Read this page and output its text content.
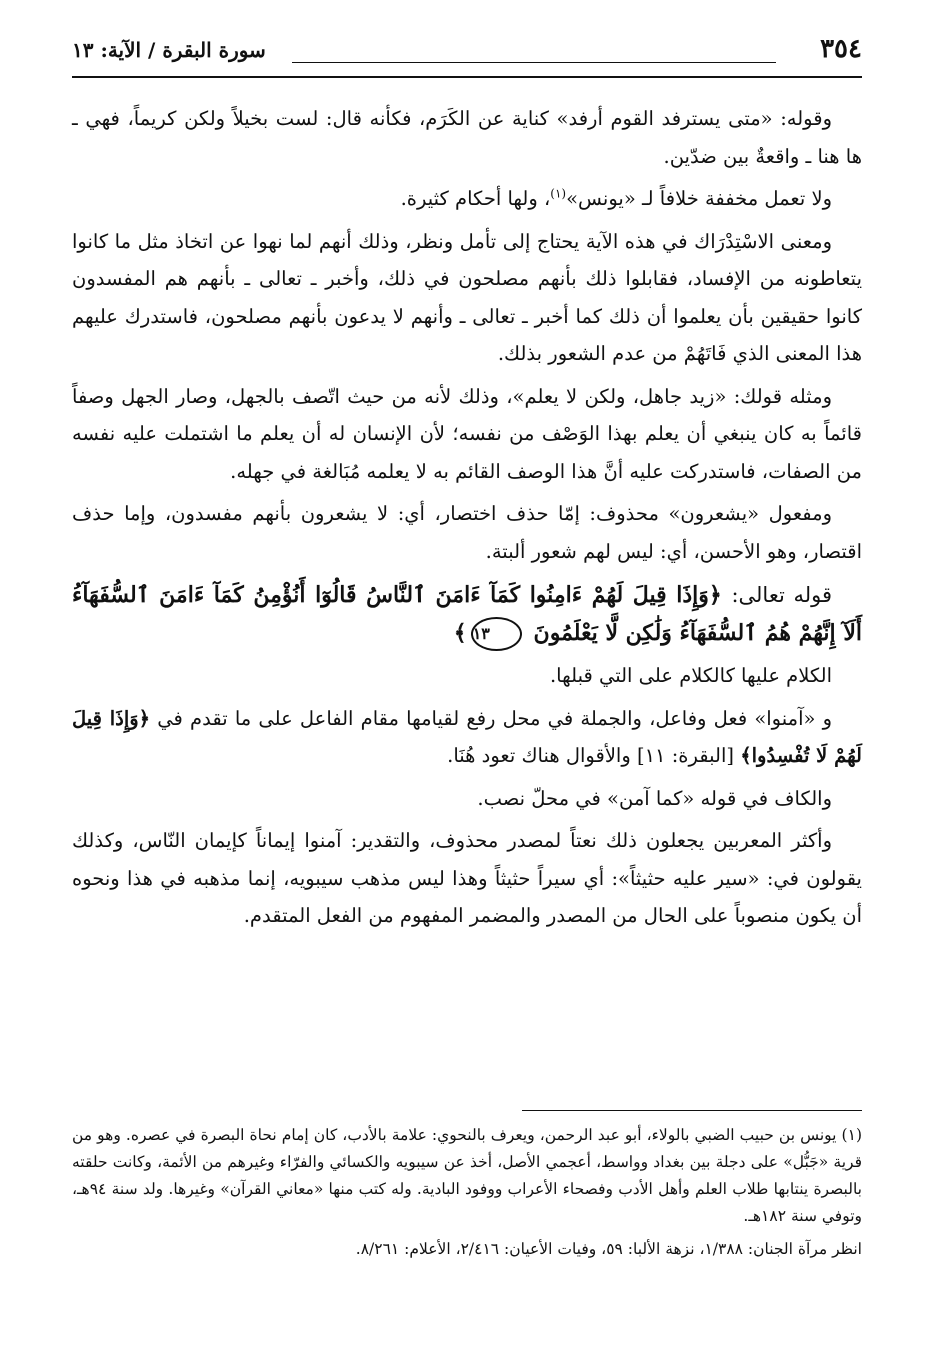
٣٥٤
سورة البقرة / الآية: ١٣

وقوله: «متى يسترفد القوم أرفد» كناية عن الكَرَم، فكأنه قال: لست بخيلاً ولكن كريماً، فهي ـ ها هنا ـ واقعةٌ بين ضدّين.

ولا تعمل مخففة خلافاً لـ «يونس»$^{(١)}$، ولها أحكام كثيرة.

ومعنى الاسْتِدْرَاك في هذه الآية يحتاج إلى تأمل ونظر، وذلك أنهم لما نهوا عن اتخاذ مثل ما كانوا يتعاطونه من الإفساد، فقابلوا ذلك بأنهم مصلحون في ذلك، وأخبر ـ تعالى ـ بأنهم هم المفسدون كانوا حقيقين بأن يعلموا أن ذلك كما أخبر ـ تعالى ـ وأنهم لا يدعون بأنهم مصلحون، فاستدرك عليهم هذا المعنى الذي فَاتَهُمْ من عدم الشعور بذلك.

ومثله قولك: «زيد جاهل، ولكن لا يعلم»، وذلك لأنه من حيث اتّصف بالجهل، وصار الجهل وصفاً قائماً به كان ينبغي أن يعلم بهذا الوَصْف من نفسه؛ لأن الإنسان له أن يعلم ما اشتملت عليه نفسه من الصفات، فاستدركت عليه أنَّ هذا الوصف القائم به لا يعلمه مُبَالغة في جهله.

ومفعول «يشعرون» محذوف: إمّا حذف اختصار، أي: لا يشعرون بأنهم مفسدون، وإما حذف اقتصار، وهو الأحسن، أي: ليس لهم شعور ألبتة.

قوله تعالى: ﴿وَإِذَا قِيلَ لَهُمْ ءَامِنُوا كَمَآ ءَامَنَ ٱلنَّاسُ قَالُوٓا أَنُؤْمِنُ كَمَآ ءَامَنَ ٱلسُّفَهَآءُ أَلَآ إِنَّهُمْ هُمُ ٱلسُّفَهَآءُ وَلَٰكِن لَّا يَعْلَمُونَ ١٣﴾

الكلام عليها كالكلام على التي قبلها.

و «آمنوا» فعل وفاعل، والجملة في محل رفع لقيامها مقام الفاعل على ما تقدم في ﴿وَإِذَا قِيلَ لَهُمْ لَا تُفْسِدُوا﴾ [البقرة: ١١] والأقوال هناك تعود هُنَا.

والكاف في قوله «كما آمن» في محلّ نصب.

وأكثر المعربين يجعلون ذلك نعتاً لمصدر محذوف، والتقدير: آمنوا إيماناً كإيمان النّاس، وكذلك يقولون في: «سير عليه حثيثاً»: أي سيراً حثيثاً وهذا ليس مذهب سيبويه، إنما مذهبه في هذا ونحوه أن يكون منصوباً على الحال من المصدر والمضمر المفهوم من الفعل المتقدم.

(١) يونس بن حبيب الضبي بالولاء، أبو عبد الرحمن، ويعرف بالنحوي: علامة بالأدب، كان إمام نحاة البصرة في عصره. وهو من قرية «جَبُّل» على دجلة بين بغداد وواسط، أعجمي الأصل، أخذ عن سيبويه والكسائي والفرّاء وغيرهم من الأئمة، وكانت حلقته بالبصرة ينتابها طلاب العلم وأهل الأدب وفصحاء الأعراب ووفود البادية. وله كتب منها «معاني القرآن» وغيرها. ولد سنة ٩٤هـ، وتوفي سنة ١٨٢هـ.

انظر مرآة الجنان: ١/٣٨٨، نزهة الألبا: ٥٩، وفيات الأعيان: ٢/٤١٦، الأعلام: ٨/٢٦١.
